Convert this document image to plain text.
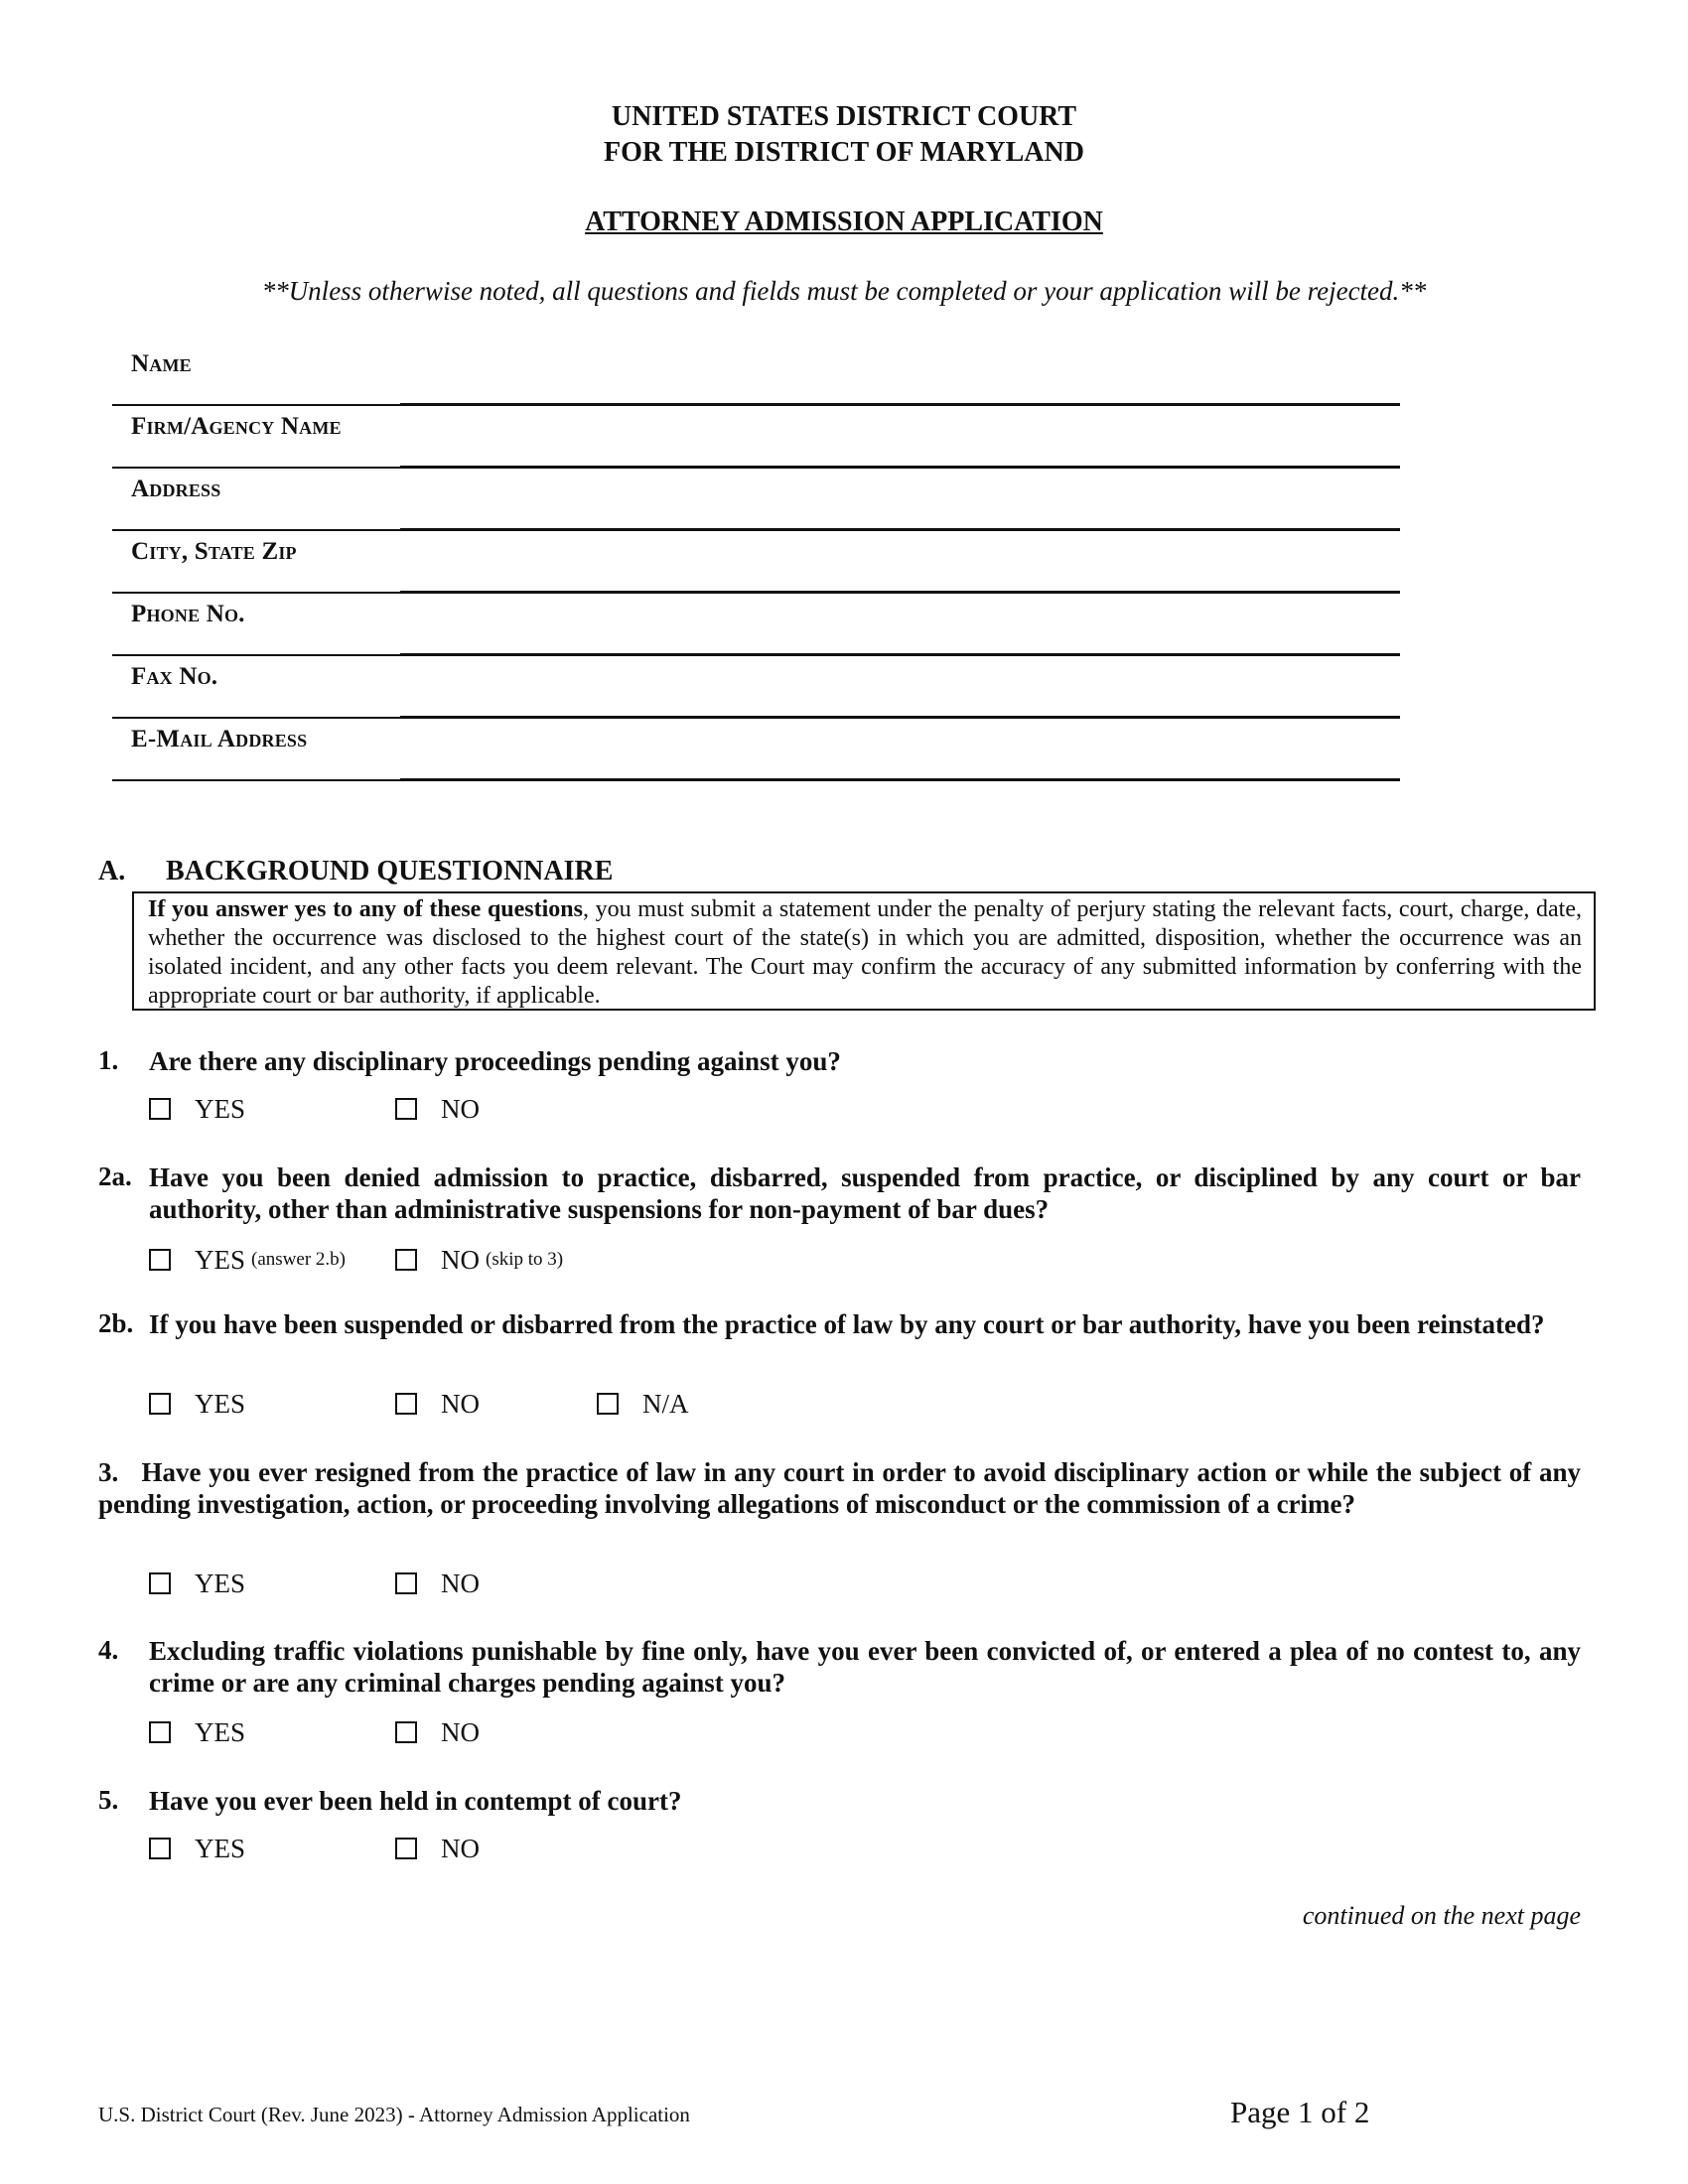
UNITED STATES DISTRICT COURT
FOR THE DISTRICT OF MARYLAND
ATTORNEY ADMISSION APPLICATION
**Unless otherwise noted, all questions and fields must be completed or your application will be rejected.**
Name
Firm/Agency Name
Address
City, State Zip
Phone No.
Fax No.
E-Mail Address
A. BACKGROUND QUESTIONNAIRE
If you answer yes to any of these questions, you must submit a statement under the penalty of perjury stating the relevant facts, court, charge, date, whether the occurrence was disclosed to the highest court of the state(s) in which you are admitted, disposition, whether the occurrence was an isolated incident, and any other facts you deem relevant. The Court may confirm the accuracy of any submitted information by conferring with the appropriate court or bar authority, if applicable.
1. Are there any disciplinary proceedings pending against you?
YES	NO
2a. Have you been denied admission to practice, disbarred, suspended from practice, or disciplined by any court or bar authority, other than administrative suspensions for non-payment of bar dues?
YES (answer 2.b)	NO (skip to 3)
2b. If you have been suspended or disbarred from the practice of law by any court or bar authority, have you been reinstated?
YES	NO	N/A
3. Have you ever resigned from the practice of law in any court in order to avoid disciplinary action or while the subject of any pending investigation, action, or proceeding involving allegations of misconduct or the commission of a crime?
YES	NO
4. Excluding traffic violations punishable by fine only, have you ever been convicted of, or entered a plea of no contest to, any crime or are any criminal charges pending against you?
YES	NO
5. Have you ever been held in contempt of court?
YES	NO
continued on the next page
U.S. District Court (Rev. June 2023) - Attorney Admission Application	Page 1 of 2
